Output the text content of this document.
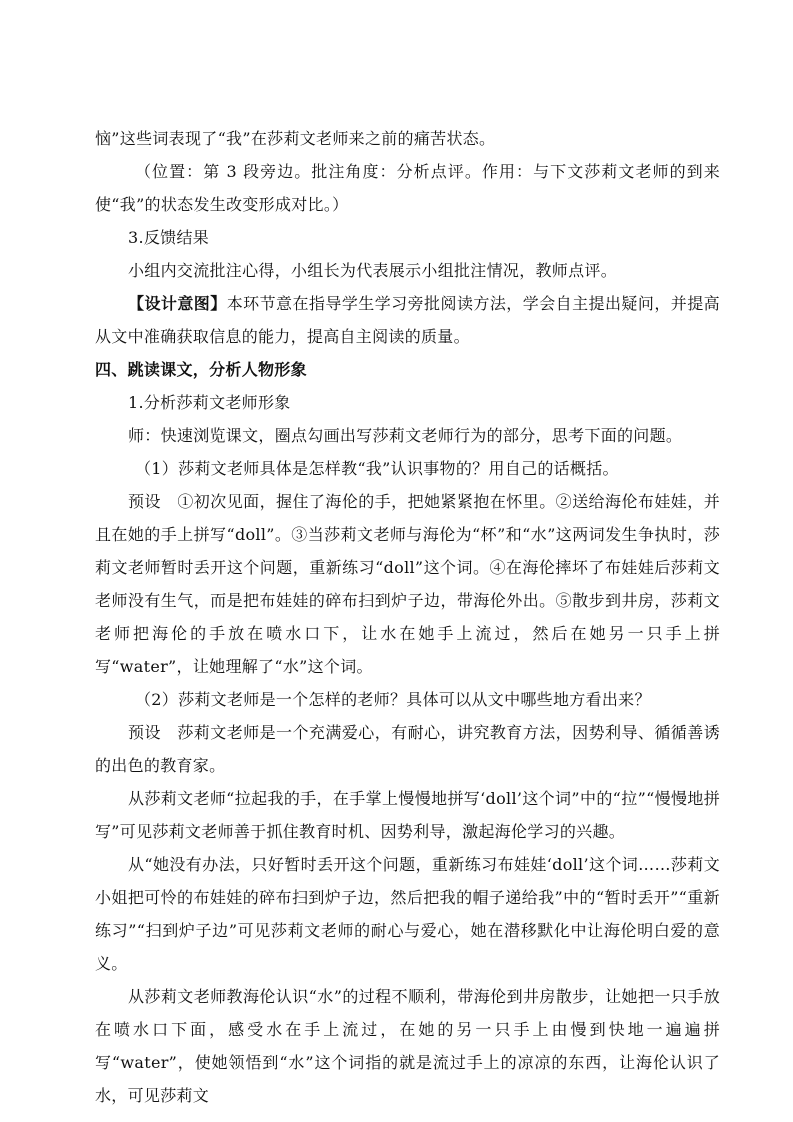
恼”这些词表现了“我”在莎莉文老师来之前的痛苦状态。

（位置：第 3 段旁边。批注角度：分析点评。作用：与下文莎莉文老师的到来使“我”的状态发生改变形成对比。）

3.反馈结果

小组内交流批注心得，小组长为代表展示小组批注情况，教师点评。

【设计意图】本环节意在指导学生学习旁批阅读方法，学会自主提出疑问，并提高从文中准确获取信息的能力，提高自主阅读的质量。

四、跳读课文，分析人物形象

1.分析莎莉文老师形象

师：快速浏览课文，圈点勾画出写莎莉文老师行为的部分，思考下面的问题。

（1）莎莉文老师具体是怎样教“我”认识事物的？用自己的话概括。

预设　①初次见面，握住了海伦的手，把她紧紧抱在怀里。②送给海伦布娃娃，并且在她的手上拼写“doll”。③当莎莉文老师与海伦为“杯”和“水”这两词发生争执时，莎莉文老师暂时丢开这个问题，重新练习“doll”这个词。④在海伦摔坏了布娃娃后莎莉文老师没有生气，而是把布娃娃的碎布扫到炉子边，带海伦外出。⑤散步到井房，莎莉文老师把海伦的手放在喷水口下，让水在她手上流过，然后在她另一只手上拼写“water”，让她理解了“水”这个词。

（2）莎莉文老师是一个怎样的老师？具体可以从文中哪些地方看出来？

预设　莎莉文老师是一个充满爱心，有耐心，讲究教育方法，因势利导、循循善诱的出色的教育家。

从莎莉文老师“拉起我的手，在手掌上慢慢地拼写‘doll’这个词”中的“拉”“慢慢地拼写”可见莎莉文老师善于抓住教育时机、因势利导，激起海伦学习的兴趣。

从“她没有办法，只好暂时丢开这个问题，重新练习布娃娃‘doll’这个词……莎莉文小姐把可怜的布娃娃的碎布扫到炉子边，然后把我的帽子递给我”中的“暂时丢开”“重新练习”“扫到炉子边”可见莎莉文老师的耐心与爱心，她在潜移默化中让海伦明白爱的意义。

从莎莉文老师教海伦认识“水”的过程不顺利，带海伦到井房散步，让她把一只手放在喷水口下面，感受水在手上流过，在她的另一只手上由慢到快地一遍遍拼写“water”，使她领悟到“水”这个词指的就是流过手上的凉凉的东西，让海伦认识了水，可见莎莉文
